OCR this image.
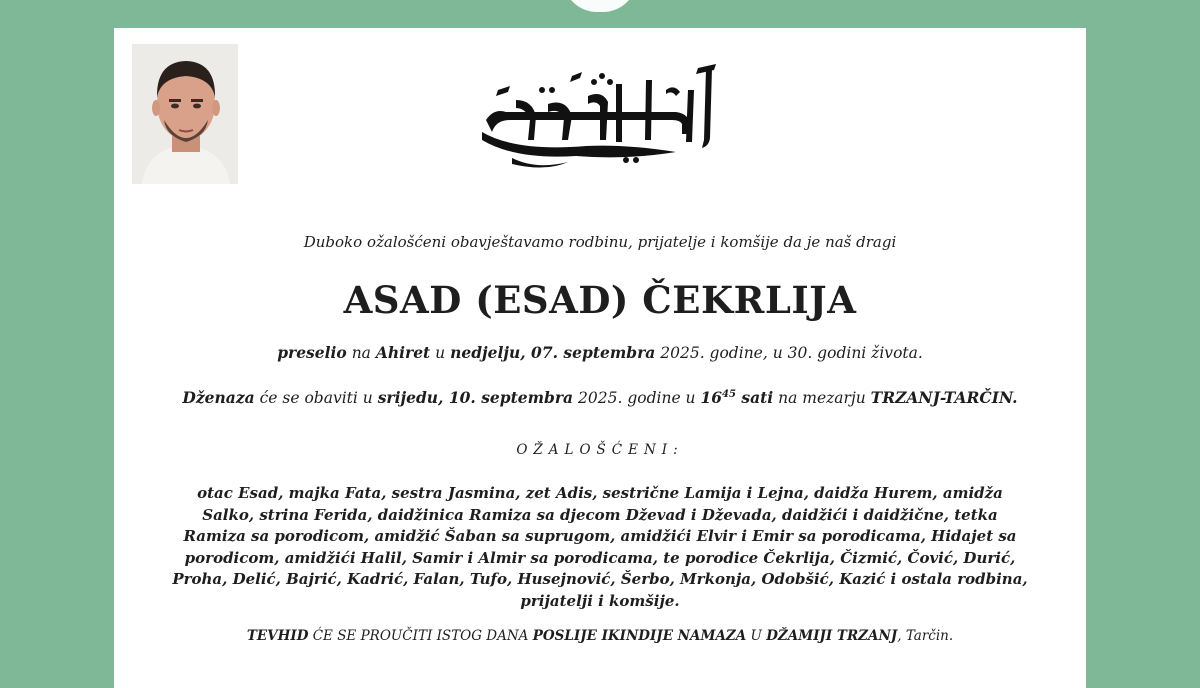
Duboko ožalošćeni obavještavamo rodbinu, prijatelje i komšije da je naš dragi
ASAD (ESAD) ČEKRLIJA
preselio na Ahiret u nedjelju, 07. septembra 2025. godine, u 30. godini života.
Dženaza će se obaviti u srijedu, 10. septembra 2025. godine u $16^{45}$ sati na mezarju TRZANJ-TARČIN.
OŽALOŠĆENI:
otac Esad, majka Fata, sestra Jasmina, zet Adis, sestrične Lamija i Lejna, daidža Hurem, amidža
Salko, strina Ferida, daidžinica Ramiza sa djecom Dževad i Dževada, daidžići i daidžične, tetka
Ramiza sa porodicom, amidžić Šaban sa suprugom, amidžići Elvir i Emir sa porodicama, Hidajet sa
porodicom, amidžići Halil, Samir i Almir sa porodicama, te porodice Čekrlija, Čizmić, Čović, Durić,
Proha, Delić, Bajrić, Kadrić, Falan, Tufo, Husejnović, Šerbo, Mrkonja, Odobšić, Kazić i ostala rodbina,
prijatelji i komšije.
TEVHID ĆE SE PROUČITI ISTOG DANA POSLIJE IKINDIJE NAMAZA U DŽAMIJI TRZANJ, Tarčin.
